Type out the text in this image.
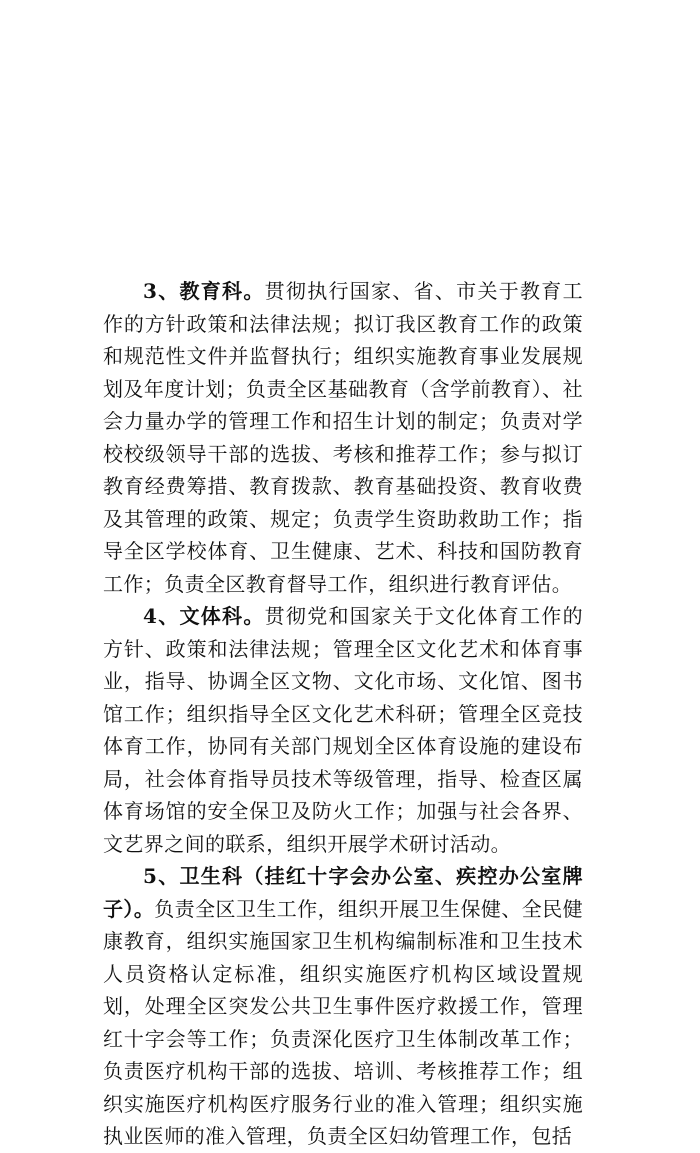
3、教育科。贯彻执行国家、省、市关于教育工作的方针政策和法律法规；拟订我区教育工作的政策和规范性文件并监督执行；组织实施教育事业发展规划及年度计划；负责全区基础教育（含学前教育）、社会力量办学的管理工作和招生计划的制定；负责对学校校级领导干部的选拔、考核和推荐工作；参与拟订教育经费筹措、教育拨款、教育基础投资、教育收费及其管理的政策、规定；负责学生资助救助工作；指导全区学校体育、卫生健康、艺术、科技和国防教育工作；负责全区教育督导工作，组织进行教育评估。

4、文体科。贯彻党和国家关于文化体育工作的方针、政策和法律法规；管理全区文化艺术和体育事业，指导、协调全区文物、文化市场、文化馆、图书馆工作；组织指导全区文化艺术科研；管理全区竞技体育工作，协同有关部门规划全区体育设施的建设布局，社会体育指导员技术等级管理，指导、检查区属体育场馆的安全保卫及防火工作；加强与社会各界、文艺界之间的联系，组织开展学术研讨活动。

5、卫生科（挂红十字会办公室、疾控办公室牌子）。负责全区卫生工作，组织开展卫生保健、全民健康教育，组织实施国家卫生机构编制标准和卫生技术人员资格认定标准，组织实施医疗机构区域设置规划，处理全区突发公共卫生事件医疗救援工作，管理红十字会等工作；负责深化医疗卫生体制改革工作；负责医疗机构干部的选拔、培训、考核推荐工作；组织实施医疗机构医疗服务行业的准入管理；组织实施执业医师的准入管理，负责全区妇幼管理工作，包括
